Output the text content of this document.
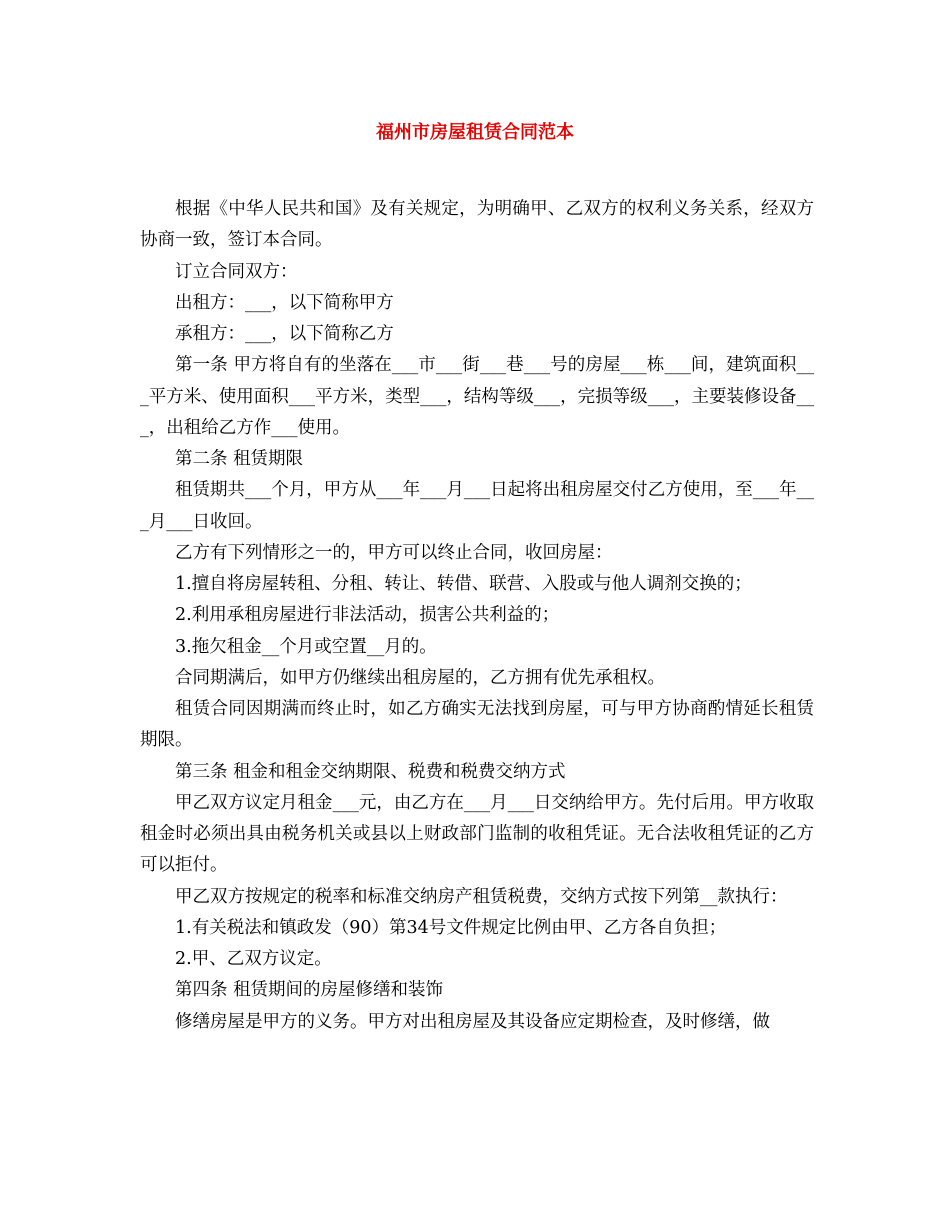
福州市房屋租赁合同范本

根据《中华人民共和国》及有关规定，为明确甲、乙双方的权利义务关系，经双方协商一致，签订本合同。

订立合同双方：

出租方：___，以下简称甲方

承租方：___，以下简称乙方

第一条 甲方将自有的坐落在___市___街___巷___号的房屋___栋___间，建筑面积___平方米、使用面积___平方米，类型___，结构等级___，完损等级___，主要装修设备___，出租给乙方作___使用。

第二条 租赁期限

租赁期共___个月，甲方从___年___月___日起将出租房屋交付乙方使用，至___年___月___日收回。

乙方有下列情形之一的，甲方可以终止合同，收回房屋：

1.擅自将房屋转租、分租、转让、转借、联营、入股或与他人调剂交换的；

2.利用承租房屋进行非法活动，损害公共利益的；

3.拖欠租金__个月或空置__月的。

合同期满后，如甲方仍继续出租房屋的，乙方拥有优先承租权。

租赁合同因期满而终止时，如乙方确实无法找到房屋，可与甲方协商酌情延长租赁期限。

第三条 租金和租金交纳期限、税费和税费交纳方式

甲乙双方议定月租金___元，由乙方在___月___日交纳给甲方。先付后用。甲方收取租金时必须出具由税务机关或县以上财政部门监制的收租凭证。无合法收租凭证的乙方可以拒付。

甲乙双方按规定的税率和标准交纳房产租赁税费，交纳方式按下列第__款执行：

1.有关税法和镇政发（90）第34号文件规定比例由甲、乙方各自负担；

2.甲、乙双方议定。

第四条 租赁期间的房屋修缮和装饰

修缮房屋是甲方的义务。甲方对出租房屋及其设备应定期检查，及时修缮，做
